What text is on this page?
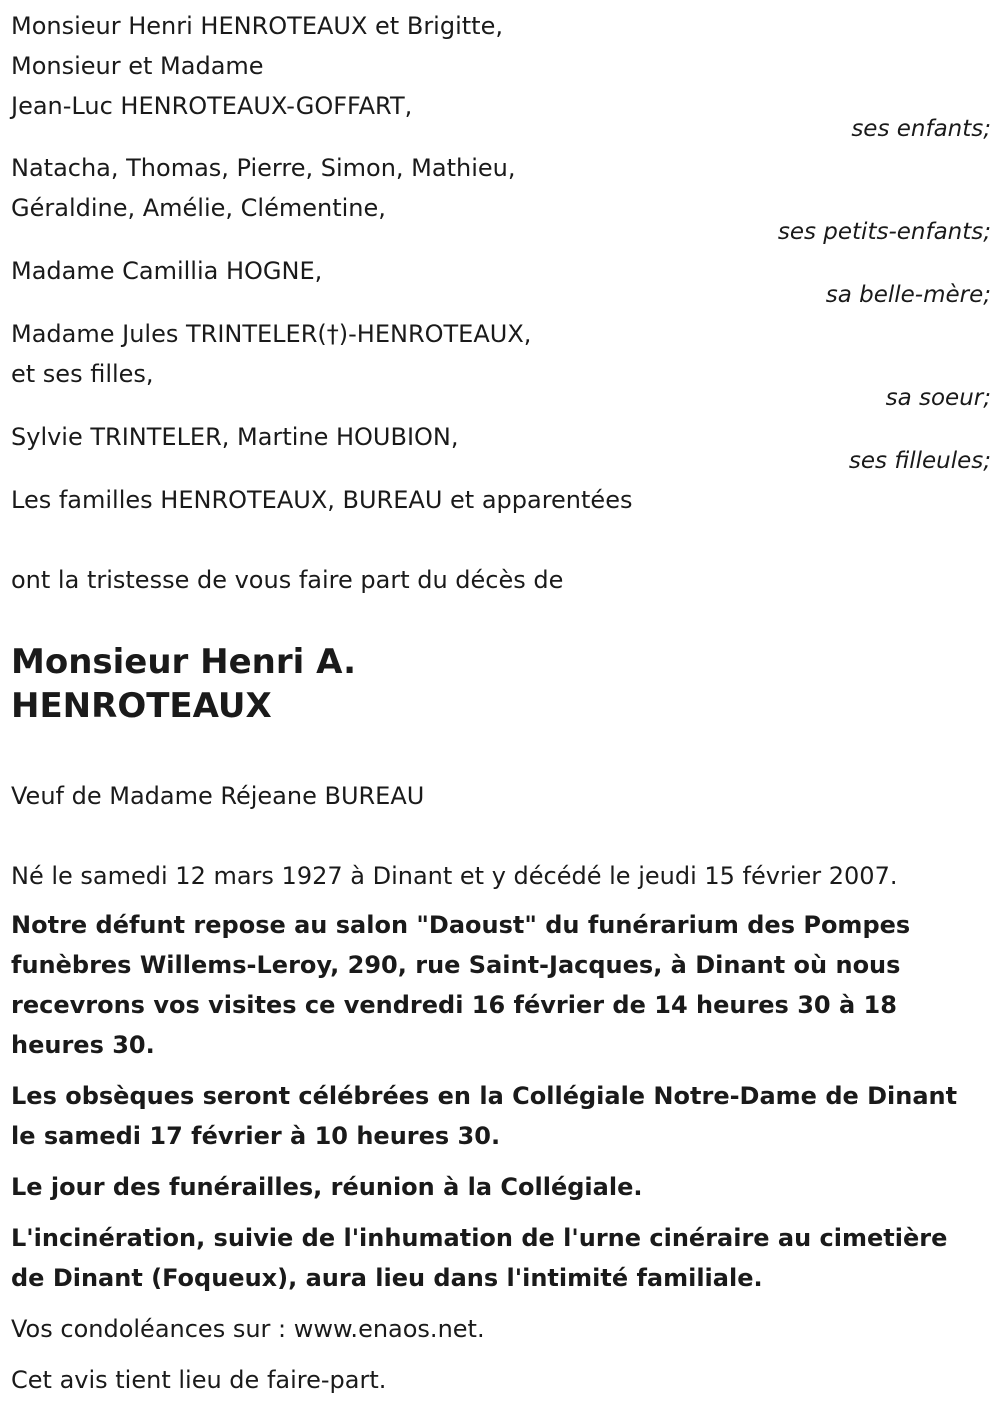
Monsieur Henri HENROTEAUX et Brigitte,
Monsieur et Madame
Jean-Luc HENROTEAUX-GOFFART,
ses enfants;
Natacha, Thomas, Pierre, Simon, Mathieu,
Géraldine, Amélie, Clémentine,
ses petits-enfants;
Madame Camillia HOGNE,
sa belle-mère;
Madame Jules TRINTELER(†)-HENROTEAUX,
et ses filles,
sa soeur;
Sylvie TRINTELER, Martine HOUBION,
ses filleules;
Les familles HENROTEAUX, BUREAU et apparentées
ont la tristesse de vous faire part du décès de
Monsieur Henri A.
HENROTEAUX
Veuf de Madame Réjeane BUREAU
Né le samedi 12 mars 1927 à Dinant et y décédé le jeudi 15 février 2007.
Notre défunt repose au salon "Daoust" du funérarium des Pompes funèbres Willems-Leroy, 290, rue Saint-Jacques, à Dinant où nous recevrons vos visites ce vendredi 16 février de 14 heures 30 à 18 heures 30.
Les obsèques seront célébrées en la Collégiale Notre-Dame de Dinant le samedi 17 février à 10 heures 30.
Le jour des funérailles, réunion à la Collégiale.
L'incinération, suivie de l'inhumation de l'urne cinéraire au cimetière de Dinant (Foqueux), aura lieu dans l'intimité familiale.
Vos condoléances sur : www.enaos.net.
Cet avis tient lieu de faire-part.
